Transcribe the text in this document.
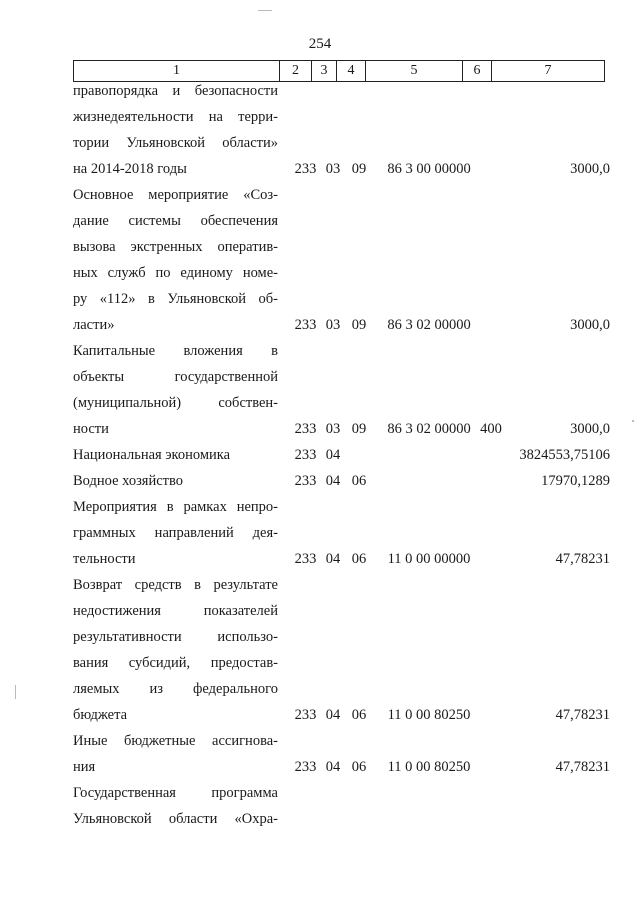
254
1	2	3	4	5	6	7
правопорядка и безопасности
жизнедеятельности на терри-
тории Ульяновской области»
на 2014-2018 годы	233 03 09	86 3 00 00000	3000,0
Основное мероприятие «Соз-
дание системы обеспечения
вызова экстренных оператив-
ных служб по единому номе-
ру «112» в Ульяновской об-
ласти»	233 03 09	86 3 02 00000	3000,0
Капитальные вложения в
объекты государственной
(муниципальной) собствен-
ности	233 03 09	86 3 02 00000 400	3000,0
Национальная экономика	233 04	3824553,75106
Водное хозяйство	233 04 06	17970,1289
Мероприятия в рамках непро-
граммных направлений дея-
тельности	233 04 06	11 0 00 00000	47,78231
Возврат средств в результате
недостижения показателей
результативности использо-
вания субсидий, предостав-
ляемых из федерального
бюджета	233 04 06	11 0 00 80250	47,78231
Иные бюджетные ассигнова-
ния	233 04 06	11 0 00 80250	47,78231
Государственная программа
Ульяновской области «Охра-
